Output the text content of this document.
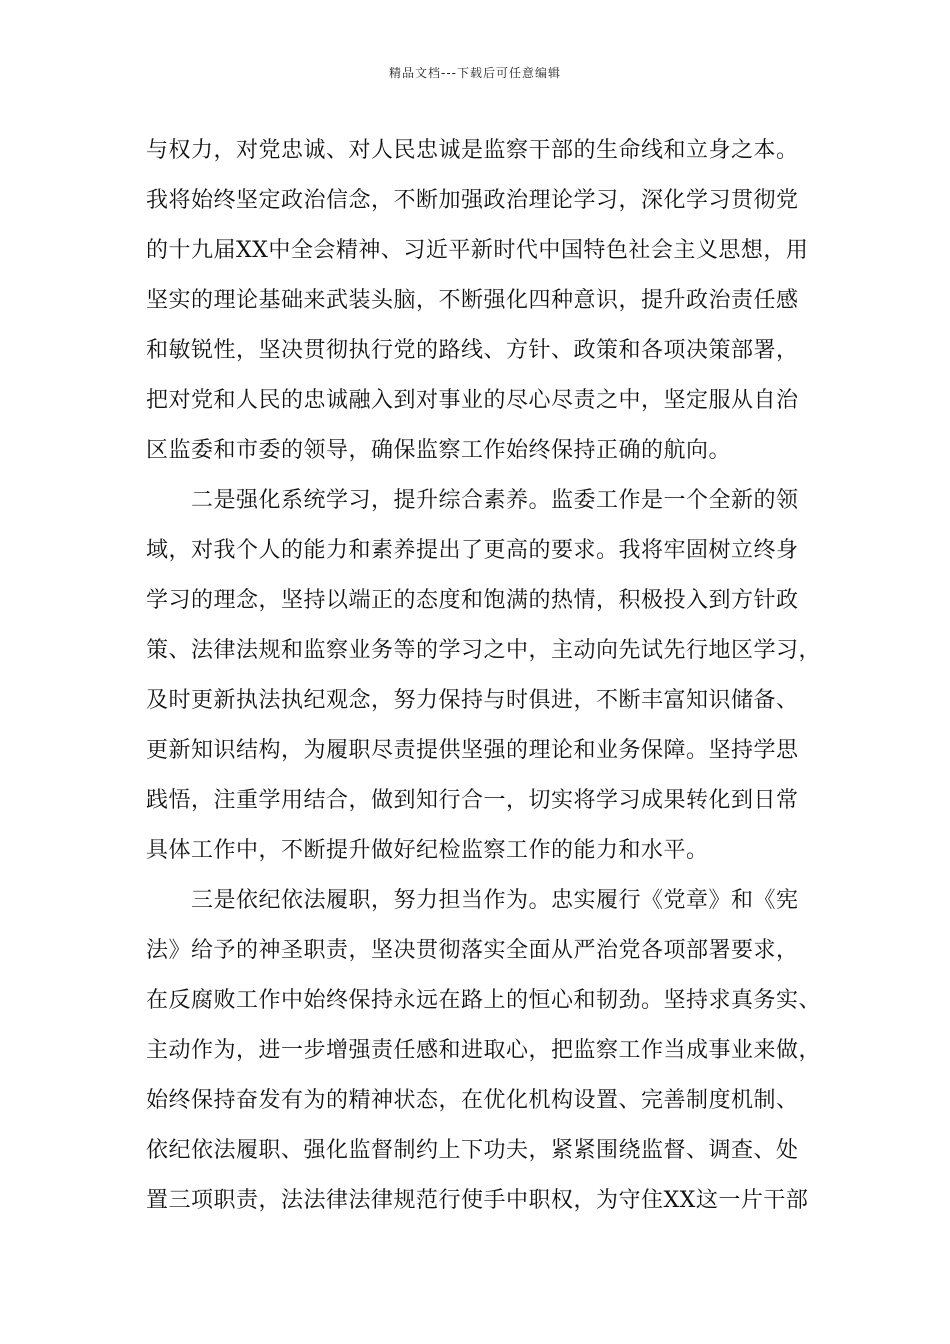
精品文档---下载后可任意编辑
与权力，对党忠诚、对人民忠诚是监察干部的生命线和立身之本。
我将始终坚定政治信念，不断加强政治理论学习，深化学习贯彻党
的十九届XX中全会精神、习近平新时代中国特色社会主义思想，用
坚实的理论基础来武装头脑，不断强化四种意识，提升政治责任感
和敏锐性，坚决贯彻执行党的路线、方针、政策和各项决策部署，
把对党和人民的忠诚融入到对事业的尽心尽责之中，坚定服从自治
区监委和市委的领导，确保监察工作始终保持正确的航向。
　　二是强化系统学习，提升综合素养。监委工作是一个全新的领
域，对我个人的能力和素养提出了更高的要求。我将牢固树立终身
学习的理念，坚持以端正的态度和饱满的热情，积极投入到方针政
策、法律法规和监察业务等的学习之中，主动向先试先行地区学习，
及时更新执法执纪观念，努力保持与时俱进，不断丰富知识储备、
更新知识结构，为履职尽责提供坚强的理论和业务保障。坚持学思
践悟，注重学用结合，做到知行合一，切实将学习成果转化到日常
具体工作中，不断提升做好纪检监察工作的能力和水平。
　　三是依纪依法履职，努力担当作为。忠实履行《党章》和《宪
法》给予的神圣职责，坚决贯彻落实全面从严治党各项部署要求，
在反腐败工作中始终保持永远在路上的恒心和韧劲。坚持求真务实、
主动作为，进一步增强责任感和进取心，把监察工作当成事业来做，
始终保持奋发有为的精神状态，在优化机构设置、完善制度机制、
依纪依法履职、强化监督制约上下功夫，紧紧围绕监督、调查、处
置三项职责，法法律法律规范行使手中职权，为守住XX这一片干部
